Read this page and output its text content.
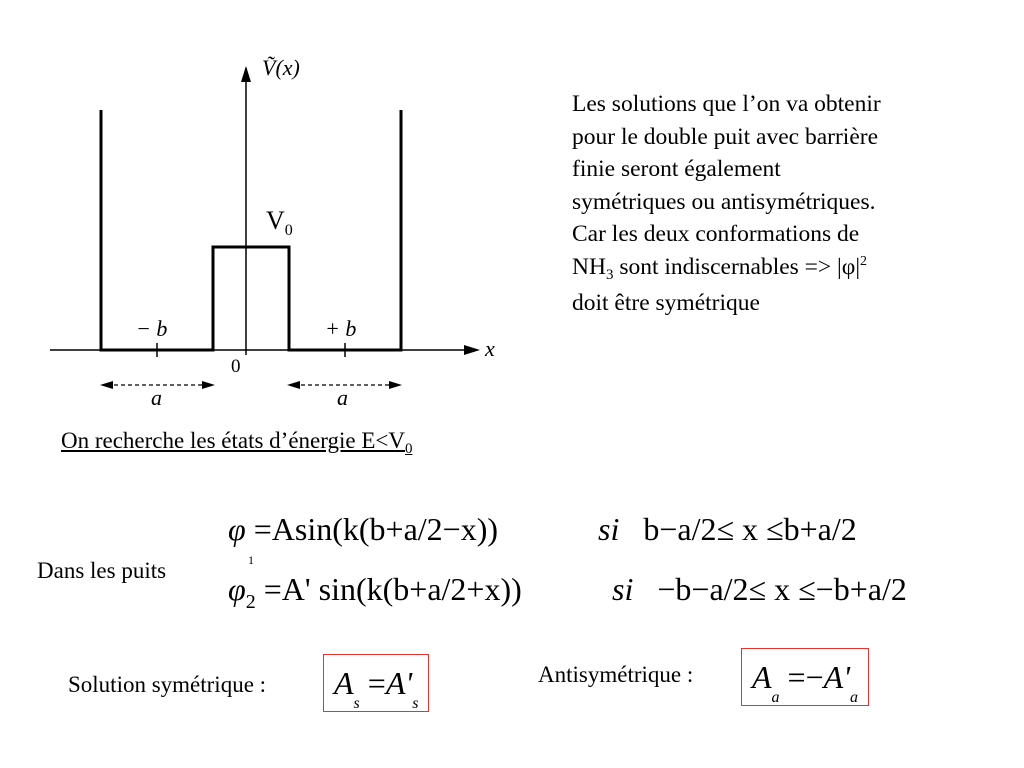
Ṽ(x)
x
$V_0$
− b	+ b
0
a	a
Les solutions que l’on va obtenir
pour le double puit avec barrière
finie seront également
symétriques ou antisymétriques.
Car les deux conformations de
$NH_3$ sont indiscernables => $|\varphi|^2$
doit être symétrique
On recherche les états d’énergie $E<V_0$
Dans les puits
φ =Asin(k(b+a/2−x))	si b−a/2≤ x ≤b+a/2
1
$\varphi_2 =A'$ sin(k(b+a/2+x))	si −b−a/2≤ x ≤−b+a/2
Solution symétrique : $A_s =A'_s$
Antisymétrique : $A_a =-A'_a$
